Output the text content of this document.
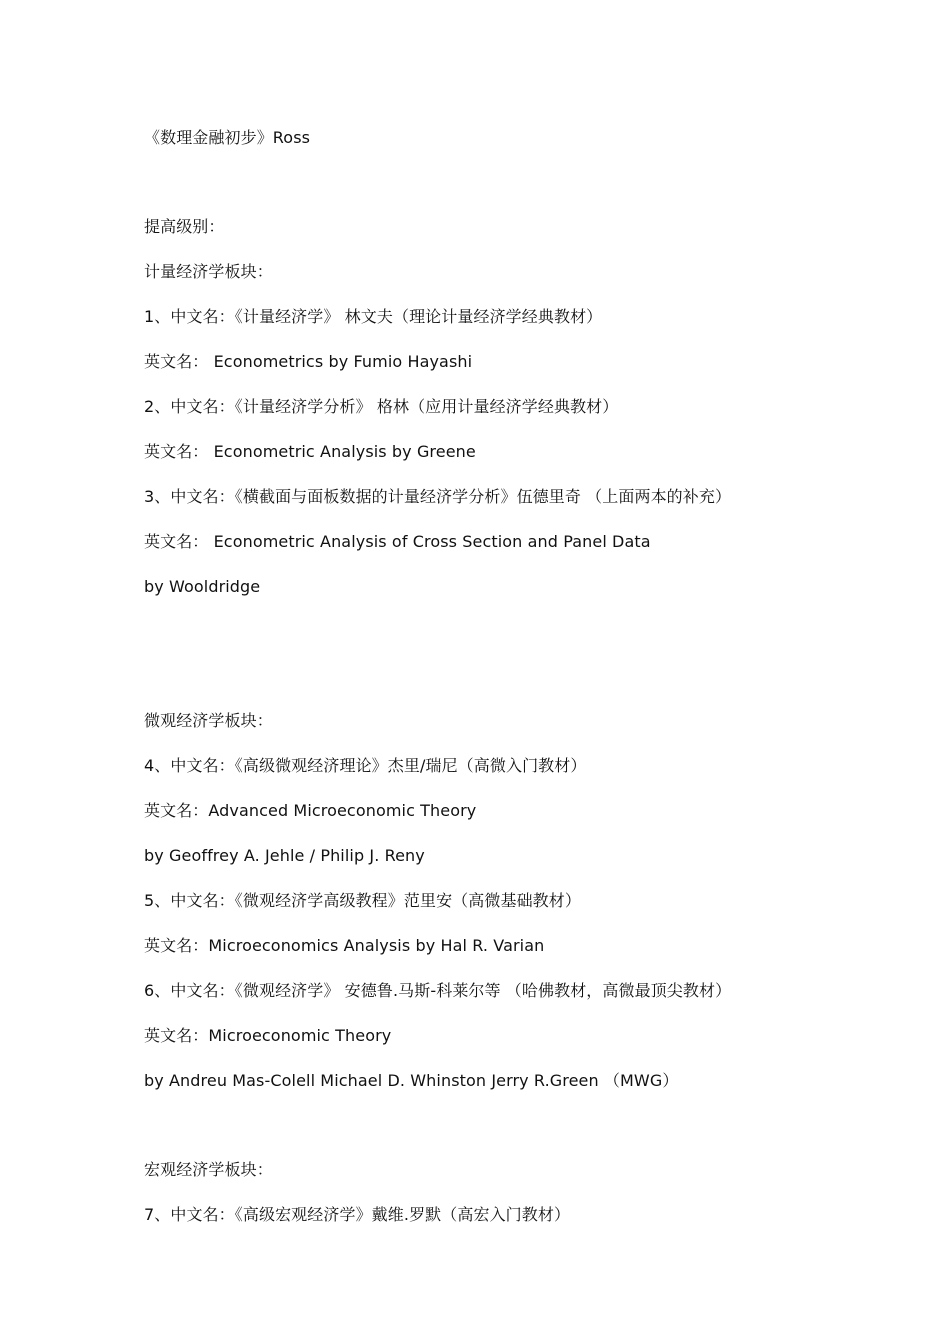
《数理金融初步》Ross
提高级别：
计量经济学板块：
1、中文名：《计量经济学》 林文夫（理论计量经济学经典教材）
英文名： Econometrics by Fumio Hayashi
2、中文名：《计量经济学分析》 格林（应用计量经济学经典教材）
英文名： Econometric Analysis by Greene
3、中文名：《横截面与面板数据的计量经济学分析》伍德里奇 （上面两本的补充）
英文名： Econometric Analysis of Cross Section and Panel Data
by Wooldridge
微观经济学板块：
4、中文名：《高级微观经济理论》杰里/瑞尼（高微入门教材）
英文名：Advanced Microeconomic Theory
by Geoffrey A. Jehle / Philip J. Reny
5、中文名：《微观经济学高级教程》范里安（高微基础教材）
英文名：Microeconomics Analysis by Hal R. Varian
6、中文名：《微观经济学》 安德鲁.马斯-科莱尔等 （哈佛教材，高微最顶尖教材）
英文名：Microeconomic Theory
by Andreu Mas-Colell Michael D. Whinston Jerry R.Green （MWG）
宏观经济学板块：
7、中文名：《高级宏观经济学》戴维.罗默（高宏入门教材）
